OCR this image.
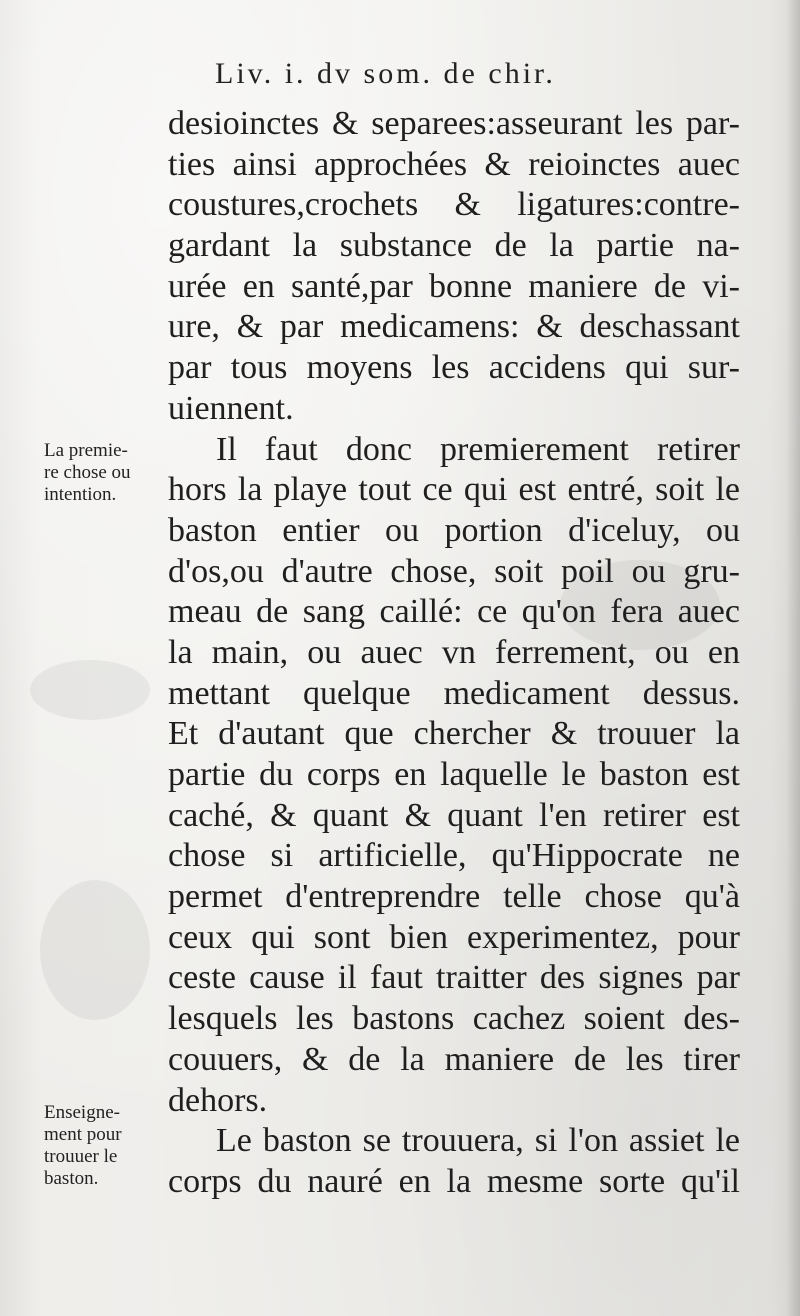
Liv. i. dv som. de chir.
desioinctes & separees:asseurant les par-
ties ainsi approchées & reioinctes auec
coustures,crochets & ligatures:contre-
gardant la substance de la partie na-
urée en santé,par bonne maniere de vi-
ure, & par medicamens: & deschassant
par tous moyens les accidens qui sur-
uiennent.
Il faut donc premierement retirer
hors la playe tout ce qui est entré, soit le
baston entier ou portion d'iceluy, ou
d'os,ou d'autre chose, soit poil ou gru-
meau de sang caillé: ce qu'on fera auec
la main, ou auec vn ferrement, ou en
mettant quelque medicament dessus.
Et d'autant que chercher & trouuer la
partie du corps en laquelle le baston est
caché, & quant & quant l'en retirer est
chose si artificielle, qu'Hippocrate ne
permet d'entreprendre telle chose qu'à
ceux qui sont bien experimentez, pour
ceste cause il faut traitter des signes par
lesquels les bastons cachez soient des-
couuers, & de la maniere de les tirer
dehors.
Le baston se trouuera, si l'on assiet le
corps du nauré en la mesme sorte qu'il
La premie-
re chose ou
intention.
Enseigne-
ment pour
trouuer le
baston.
